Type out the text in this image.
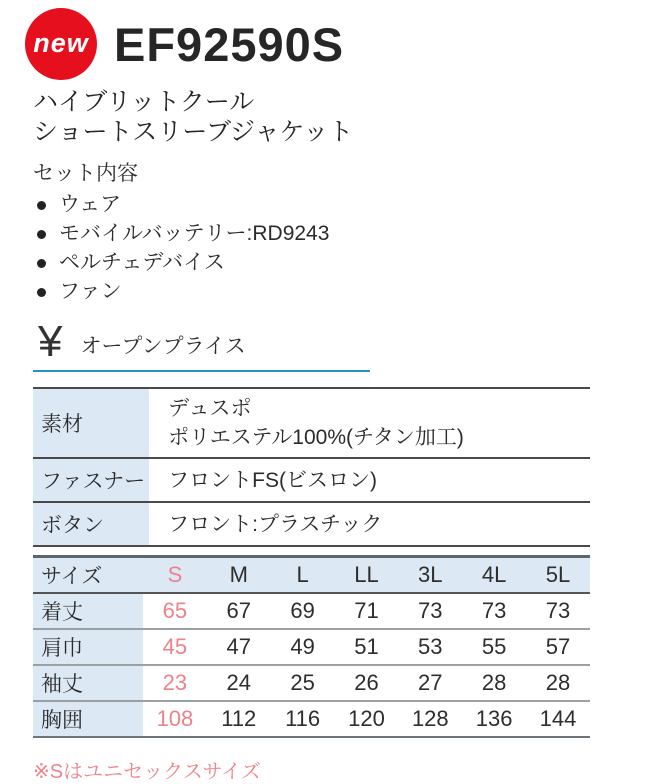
new EF92590S
ハイブリットクール
ショートスリーブジャケット
セット内容
ウェア
モバイルバッテリー:RD9243
ペルチェデバイス
ファン
¥ オープンプライス
素材	デュスポ
ポリエステル100%(チタン加工)

ファスナー	フロントFS(ビスロン)

ボタン	フロント:プラスチック
サイズ	S	M	L	LL	3L	4L	5L
着丈	65	67	69	71	73	73	73
肩巾	45	47	49	51	53	55	57
袖丈	23	24	25	26	27	28	28
胸囲	108	112	116	120	128	136	144

※Sはユニセックスサイズ
